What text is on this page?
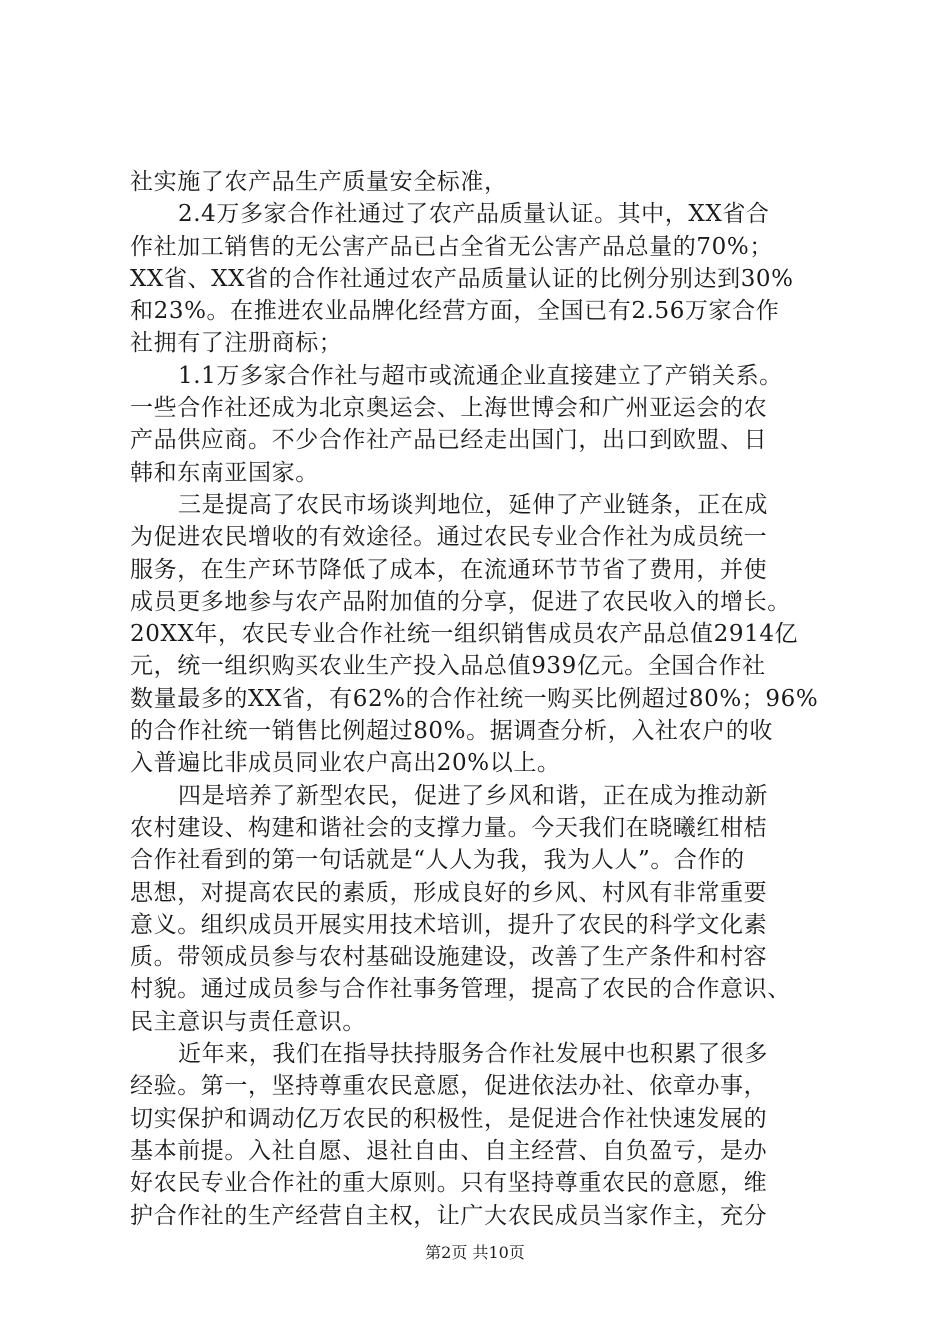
社实施了农产品生产质量安全标准，
2.4万多家合作社通过了农产品质量认证。其中，XX省合
作社加工销售的无公害产品已占全省无公害产品总量的70%；
XX省、XX省的合作社通过农产品质量认证的比例分别达到30%
和23%。在推进农业品牌化经营方面，全国已有2.56万家合作
社拥有了注册商标；
1.1万多家合作社与超市或流通企业直接建立了产销关系。
一些合作社还成为北京奥运会、上海世博会和广州亚运会的农
产品供应商。不少合作社产品已经走出国门，出口到欧盟、日
韩和东南亚国家。
三是提高了农民市场谈判地位，延伸了产业链条，正在成
为促进农民增收的有效途径。通过农民专业合作社为成员统一
服务，在生产环节降低了成本，在流通环节节省了费用，并使
成员更多地参与农产品附加值的分享，促进了农民收入的增长。
20XX年，农民专业合作社统一组织销售成员农产品总值2914亿
元，统一组织购买农业生产投入品总值939亿元。全国合作社
数量最多的XX省，有62%的合作社统一购买比例超过80%；96%
的合作社统一销售比例超过80%。据调查分析，入社农户的收
入普遍比非成员同业农户高出20%以上。
四是培养了新型农民，促进了乡风和谐，正在成为推动新
农村建设、构建和谐社会的支撑力量。今天我们在晓曦红柑桔
合作社看到的第一句话就是“人人为我，我为人人”。合作的
思想，对提高农民的素质，形成良好的乡风、村风有非常重要
意义。组织成员开展实用技术培训，提升了农民的科学文化素
质。带领成员参与农村基础设施建设，改善了生产条件和村容
村貌。通过成员参与合作社事务管理，提高了农民的合作意识、
民主意识与责任意识。
近年来，我们在指导扶持服务合作社发展中也积累了很多
经验。第一，坚持尊重农民意愿，促进依法办社、依章办事，
切实保护和调动亿万农民的积极性，是促进合作社快速发展的
基本前提。入社自愿、退社自由、自主经营、自负盈亏，是办
好农民专业合作社的重大原则。只有坚持尊重农民的意愿，维
护合作社的生产经营自主权，让广大农民成员当家作主，充分
第2页 共10页
